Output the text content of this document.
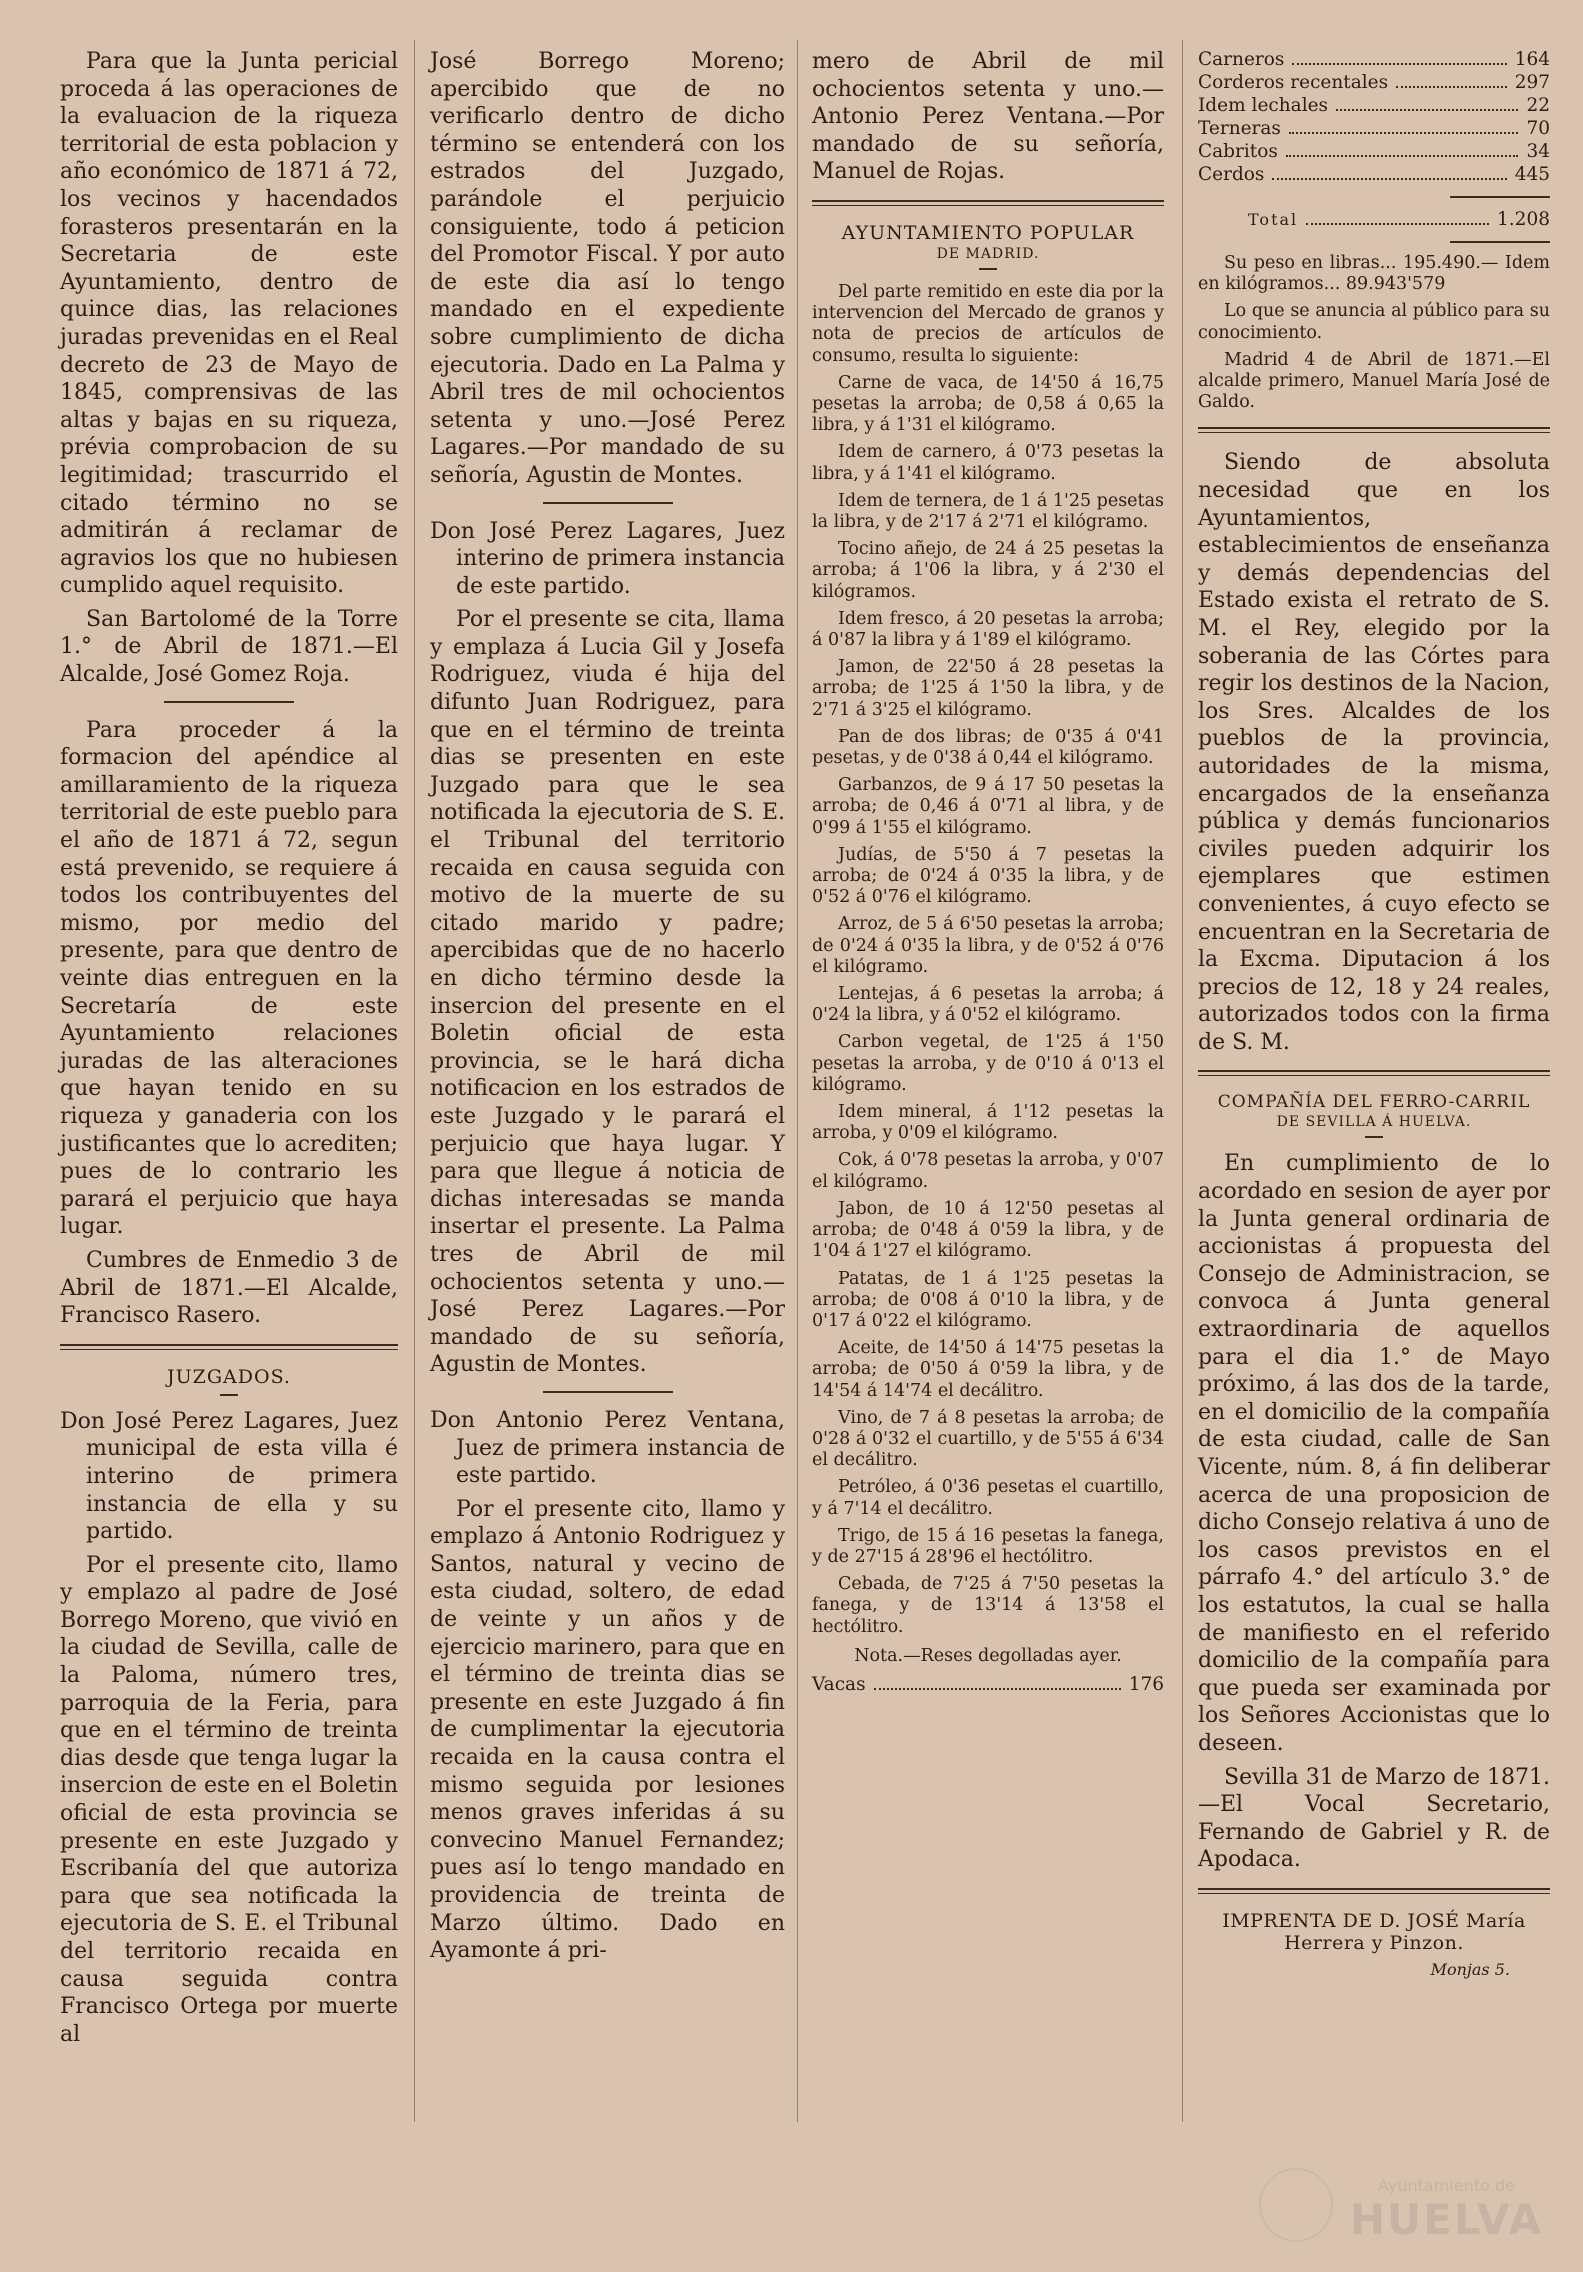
Para que la Junta pericial proceda á las operaciones de la evaluacion de la riqueza territorial de esta poblacion y año económico de 1871 á 72, los vecinos y hacendados forasteros presentarán en la Secretaria de este Ayuntamiento, dentro de quince dias, las relaciones juradas prevenidas en el Real decreto de 23 de Mayo de 1845, comprensivas de las altas y bajas en su riqueza, prévia comprobacion de su legitimidad; trascurrido el citado término no se admitirán á reclamar de agravios los que no hubiesen cumplido aquel requisito.

San Bartolomé de la Torre 1.° de Abril de 1871.—El Alcalde, José Gomez Roja.

Para proceder á la formacion del apéndice al amillaramiento de la riqueza territorial de este pueblo para el año de 1871 á 72, segun está prevenido, se requiere á todos los contribuyentes del mismo, por medio del presente, para que dentro de veinte dias entreguen en la Secretaría de este Ayuntamiento relaciones juradas de las alteraciones que hayan tenido en su riqueza y ganaderia con los justificantes que lo acrediten; pues de lo contrario les parará el perjuicio que haya lugar.

Cumbres de Enmedio 3 de Abril de 1871.—El Alcalde, Francisco Rasero.

JUZGADOS.

Don José Perez Lagares, Juez municipal de esta villa é interino de primera instancia de ella y su partido.

Por el presente cito, llamo y emplazo al padre de José Borrego Moreno, que vivió en la ciudad de Sevilla, calle de la Paloma, número tres, parroquia de la Feria, para que en el término de treinta dias desde que tenga lugar la insercion de este en el Boletin oficial de esta provincia se presente en este Juzgado y Escribanía del que autoriza para que sea notificada la ejecutoria de S. E. el Tribunal del territorio recaida en causa seguida contra Francisco Ortega por muerte al

José Borrego Moreno; apercibido que de no verificarlo dentro de dicho término se entenderá con los estrados del Juzgado, parándole el perjuicio consiguiente, todo á peticion del Promotor Fiscal. Y por auto de este dia así lo tengo mandado en el expediente sobre cumplimiento de dicha ejecutoria. Dado en La Palma y Abril tres de mil ochocientos setenta y uno.—José Perez Lagares.—Por mandado de su señoría, Agustin de Montes.

Don José Perez Lagares, Juez interino de primera instancia de este partido.

Por el presente se cita, llama y emplaza á Lucia Gil y Josefa Rodriguez, viuda é hija del difunto Juan Rodriguez, para que en el término de treinta dias se presenten en este Juzgado para que le sea notificada la ejecutoria de S. E. el Tribunal del territorio recaida en causa seguida con motivo de la muerte de su citado marido y padre; apercibidas que de no hacerlo en dicho término desde la insercion del presente en el Boletin oficial de esta provincia, se le hará dicha notificacion en los estrados de este Juzgado y le parará el perjuicio que haya lugar. Y para que llegue á noticia de dichas interesadas se manda insertar el presente. La Palma tres de Abril de mil ochocientos setenta y uno.—José Perez Lagares.—Por mandado de su señoría, Agustin de Montes.

Don Antonio Perez Ventana, Juez de primera instancia de este partido.

Por el presente cito, llamo y emplazo á Antonio Rodriguez y Santos, natural y vecino de esta ciudad, soltero, de edad de veinte y un años y de ejercicio marinero, para que en el término de treinta dias se presente en este Juzgado á fin de cumplimentar la ejecutoria recaida en la causa contra el mismo seguida por lesiones menos graves inferidas á su convecino Manuel Fernandez; pues así lo tengo mandado en providencia de treinta de Marzo último. Dado en Ayamonte á pri-

mero de Abril de mil ochocientos setenta y uno.—Antonio Perez Ventana.—Por mandado de su señoría, Manuel de Rojas.

AYUNTAMIENTO POPULAR

DE MADRID.

Del parte remitido en este dia por la intervencion del Mercado de granos y nota de precios de artículos de consumo, resulta lo siguiente:

Carne de vaca, de 14'50 á 16,75 pesetas la arroba; de 0,58 á 0,65 la libra, y á 1'31 el kilógramo.

Idem de carnero, á 0'73 pesetas la libra, y á 1'41 el kilógramo.

Idem de ternera, de 1 á 1'25 pesetas la libra, y de 2'17 á 2'71 el kilógramo.

Tocino añejo, de 24 á 25 pesetas la arroba; á 1'06 la libra, y á 2'30 el kilógramos.

Idem fresco, á 20 pesetas la arroba; á 0'87 la libra y á 1'89 el kilógramo.

Jamon, de 22'50 á 28 pesetas la arroba; de 1'25 á 1'50 la libra, y de 2'71 á 3'25 el kilógramo.

Pan de dos libras; de 0'35 á 0'41 pesetas, y de 0'38 á 0,44 el kilógramo.

Garbanzos, de 9 á 17 50 pesetas la arroba; de 0,46 á 0'71 al libra, y de 0'99 á 1'55 el kilógramo.

Judías, de 5'50 á 7 pesetas la arroba; de 0'24 á 0'35 la libra, y de 0'52 á 0'76 el kilógramo.

Arroz, de 5 á 6'50 pesetas la arroba; de 0'24 á 0'35 la libra, y de 0'52 á 0'76 el kilógramo.

Lentejas, á 6 pesetas la arroba; á 0'24 la libra, y á 0'52 el kilógramo.

Carbon vegetal, de 1'25 á 1'50 pesetas la arroba, y de 0'10 á 0'13 el kilógramo.

Idem mineral, á 1'12 pesetas la arroba, y 0'09 el kilógramo.

Cok, á 0'78 pesetas la arroba, y 0'07 el kilógramo.

Jabon, de 10 á 12'50 pesetas al arroba; de 0'48 á 0'59 la libra, y de 1'04 á 1'27 el kilógramo.

Patatas, de 1 á 1'25 pesetas la arroba; de 0'08 á 0'10 la libra, y de 0'17 á 0'22 el kilógramo.

Aceite, de 14'50 á 14'75 pesetas la arroba; de 0'50 á 0'59 la libra, y de 14'54 á 14'74 el decálitro.

Vino, de 7 á 8 pesetas la arroba; de 0'28 á 0'32 el cuartillo, y de 5'55 á 6'34 el decálitro.

Petróleo, á 0'36 pesetas el cuartillo, y á 7'14 el decálitro.

Trigo, de 15 á 16 pesetas la fanega, y de 27'15 á 28'96 el hectólitro.

Cebada, de 7'25 á 7'50 pesetas la fanega, y de 13'14 á 13'58 el hectólitro.

Nota.—Reses degolladas ayer.

Vacas	176
Carneros	164
Corderos recentales	297
Idem lechales	22
Terneras	70
Cabritos	34
Cerdos	445
Total	1.208

Su peso en libras... 195.490.— Idem en kilógramos... 89.943'579

Lo que se anuncia al público para su conocimiento.

Madrid 4 de Abril de 1871.—El alcalde primero, Manuel María José de Galdo.

Siendo de absoluta necesidad que en los Ayuntamientos, establecimientos de enseñanza y demás dependencias del Estado exista el retrato de S. M. el Rey, elegido por la soberania de las Córtes para regir los destinos de la Nacion, los Sres. Alcaldes de los pueblos de la provincia, autoridades de la misma, encargados de la enseñanza pública y demás funcionarios civiles pueden adquirir los ejemplares que estimen convenientes, á cuyo efecto se encuentran en la Secretaria de la Excma. Diputacion á los precios de 12, 18 y 24 reales, autorizados todos con la firma de S. M.

COMPAÑÍA DEL FERRO-CARRIL

DE SEVILLA Á HUELVA.

En cumplimiento de lo acordado en sesion de ayer por la Junta general ordinaria de accionistas á propuesta del Consejo de Administracion, se convoca á Junta general extraordinaria de aquellos para el dia 1.° de Mayo próximo, á las dos de la tarde, en el domicilio de la compañía de esta ciudad, calle de San Vicente, núm. 8, á fin deliberar acerca de una proposicion de dicho Consejo relativa á uno de los casos previstos en el párrafo 4.° del artículo 3.° de los estatutos, la cual se halla de manifiesto en el referido domicilio de la compañía para que pueda ser examinada por los Señores Accionistas que lo deseen.

Sevilla 31 de Marzo de 1871.—El Vocal Secretario, Fernando de Gabriel y R. de Apodaca.

IMPRENTA DE D. JOSÉ María Herrera y Pinzon.

Monjas 5.

Ayuntamiento de
HUELVA
